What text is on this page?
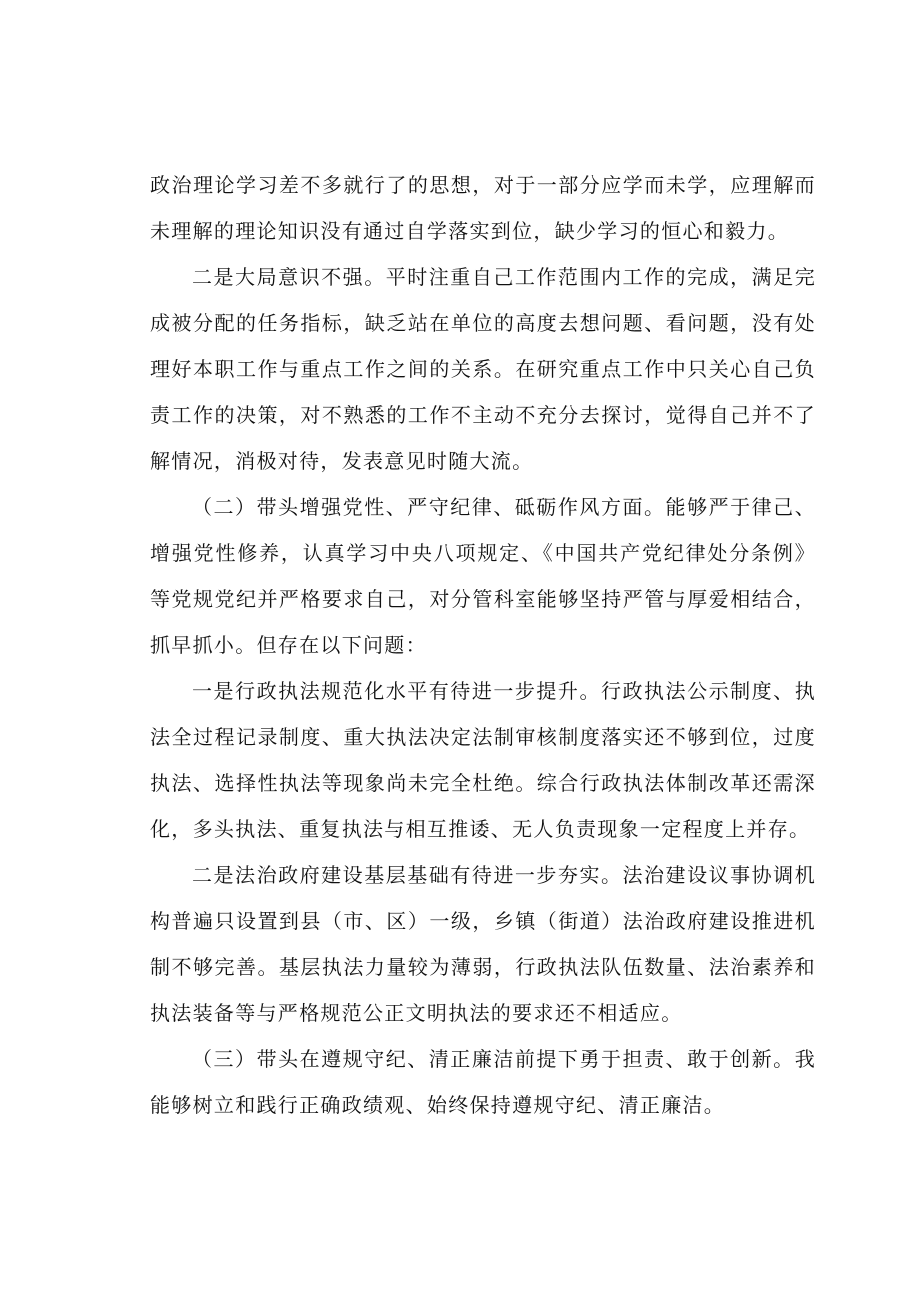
政治理论学习差不多就行了的思想，对于一部分应学而未学，应理解而未理解的理论知识没有通过自学落实到位，缺少学习的恒心和毅力。

二是大局意识不强。平时注重自己工作范围内工作的完成，满足完成被分配的任务指标，缺乏站在单位的高度去想问题、看问题，没有处理好本职工作与重点工作之间的关系。在研究重点工作中只关心自己负责工作的决策，对不熟悉的工作不主动不充分去探讨，觉得自己并不了解情况，消极对待，发表意见时随大流。

（二）带头增强党性、严守纪律、砥砺作风方面。能够严于律己、增强党性修养，认真学习中央八项规定、《中国共产党纪律处分条例》等党规党纪并严格要求自己，对分管科室能够坚持严管与厚爱相结合，抓早抓小。但存在以下问题：

一是行政执法规范化水平有待进一步提升。行政执法公示制度、执法全过程记录制度、重大执法决定法制审核制度落实还不够到位，过度执法、选择性执法等现象尚未完全杜绝。综合行政执法体制改革还需深化，多头执法、重复执法与相互推诿、无人负责现象一定程度上并存。

二是法治政府建设基层基础有待进一步夯实。法治建设议事协调机构普遍只设置到县（市、区）一级，乡镇（街道）法治政府建设推进机制不够完善。基层执法力量较为薄弱，行政执法队伍数量、法治素养和执法装备等与严格规范公正文明执法的要求还不相适应。

（三）带头在遵规守纪、清正廉洁前提下勇于担责、敢于创新。我能够树立和践行正确政绩观、始终保持遵规守纪、清正廉洁。
